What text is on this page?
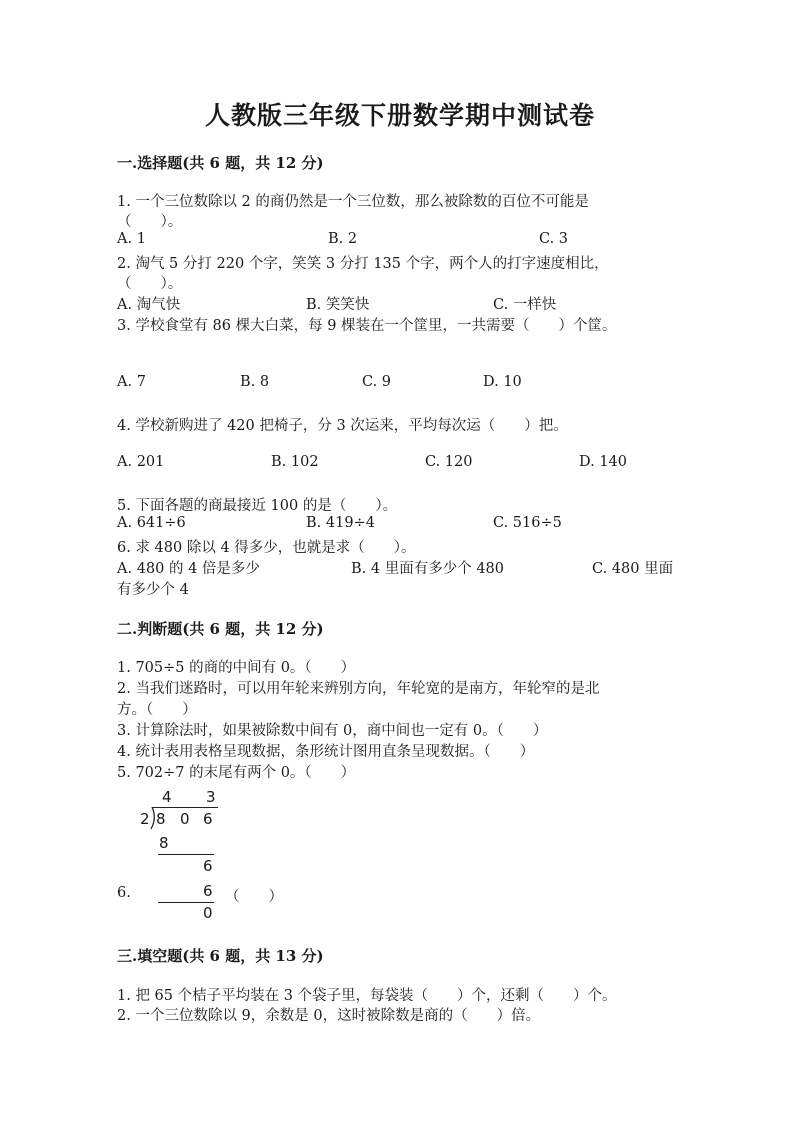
人教版三年级下册数学期中测试卷
一.选择题(共 6 题，共 12 分)
1. 一个三位数除以 2 的商仍然是一个三位数，那么被除数的百位不可能是
（　　）。
A. 1	B. 2	C. 3
2. 淘气 5 分打 220 个字，笑笑 3 分打 135 个字，两个人的打字速度相比，
（　　）。
A. 淘气快	B. 笑笑快	C. 一样快
3. 学校食堂有 86 棵大白菜，每 9 棵装在一个筐里，一共需要（　　）个筐。
A. 7	B. 8	C. 9	D. 10
4. 学校新购进了 420 把椅子，分 3 次运来，平均每次运（　　）把。
A. 201	B. 102	C. 120	D. 140
5. 下面各题的商最接近 100 的是（　　）。
A. 641÷6	B. 419÷4	C. 516÷5
6. 求 480 除以 4 得多少，也就是求（　　）。
A. 480 的 4 倍是多少	B. 4 里面有多少个 480	C. 480 里面
有多少个 4
二.判断题(共 6 题，共 12 分)
1. 705÷5 的商的中间有 0。（　　）
2. 当我们迷路时，可以用年轮来辨别方向，年轮宽的是南方，年轮窄的是北
方。（　　）
3. 计算除法时，如果被除数中间有 0，商中间也一定有 0。（　　）
4. 统计表用表格呈现数据，条形统计图用直条呈现数据。（　　）
5. 702÷7 的末尾有两个 0。（　　）
4 3
2 8 0 6
8
6
6
0
6.	（　　）
三.填空题(共 6 题，共 13 分)
1. 把 65 个桔子平均装在 3 个袋子里，每袋装（　　）个，还剩（　　）个。
2. 一个三位数除以 9，余数是 0，这时被除数是商的（　　）倍。
